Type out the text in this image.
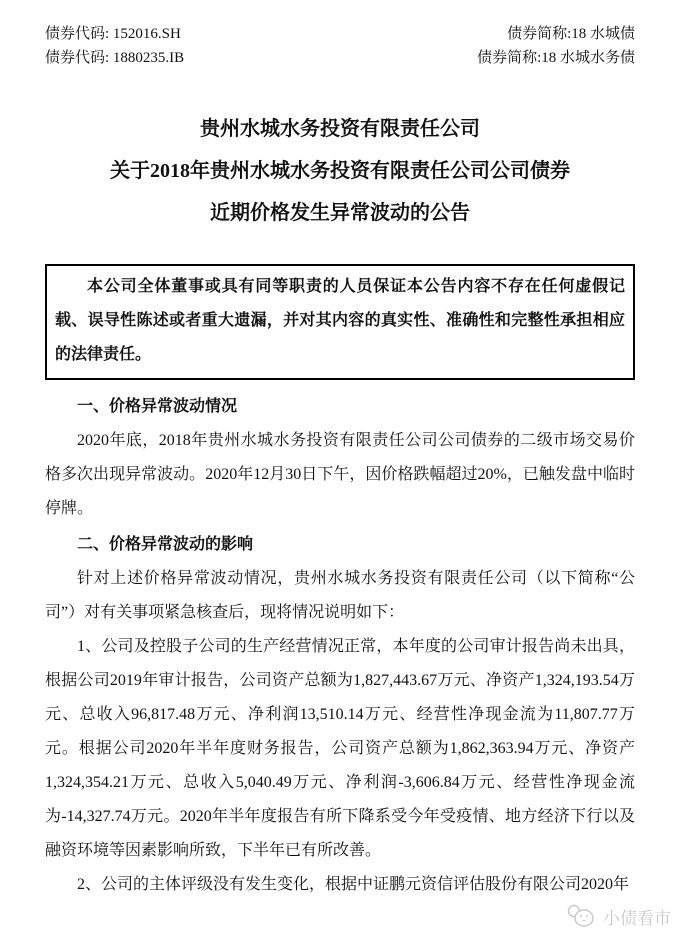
债券代码: 152016.SH
债券代码: 1880235.IB
债券简称:18 水城债
债券简称:18 水城水务债
贵州水城水务投资有限责任公司
关于2018年贵州水城水务投资有限责任公司公司债券
近期价格发生异常波动的公告

本公司全体董事或具有同等职责的人员保证本公告内容不存在任何虚假记载、误导性陈述或者重大遗漏，并对其内容的真实性、准确性和完整性承担相应的法律责任。

一、价格异常波动情况

2020年底，2018年贵州水城水务投资有限责任公司公司债券的二级市场交易价格多次出现异常波动。2020年12月30日下午，因价格跌幅超过20%，已触发盘中临时停牌。

二、价格异常波动的影响

针对上述价格异常波动情况，贵州水城水务投资有限责任公司（以下简称“公司”）对有关事项紧急核查后，现将情况说明如下：

1、公司及控股子公司的生产经营情况正常，本年度的公司审计报告尚未出具，根据公司2019年审计报告，公司资产总额为1,827,443.67万元、净资产1,324,193.54万元、总收入96,817.48万元、净利润13,510.14万元、经营性净现金流为11,807.77万元。根据公司2020年半年度财务报告，公司资产总额为1,862,363.94万元、净资产1,324,354.21万元、总收入5,040.49万元、净利润-3,606.84万元、经营性净现金流为-14,327.74万元。2020年半年度报告有所下降系受今年受疫情、地方经济下行以及融资环境等因素影响所致，下半年已有所改善。

2、公司的主体评级没有发生变化，根据中证鹏元资信评估股份有限公司2020年

小债看市
